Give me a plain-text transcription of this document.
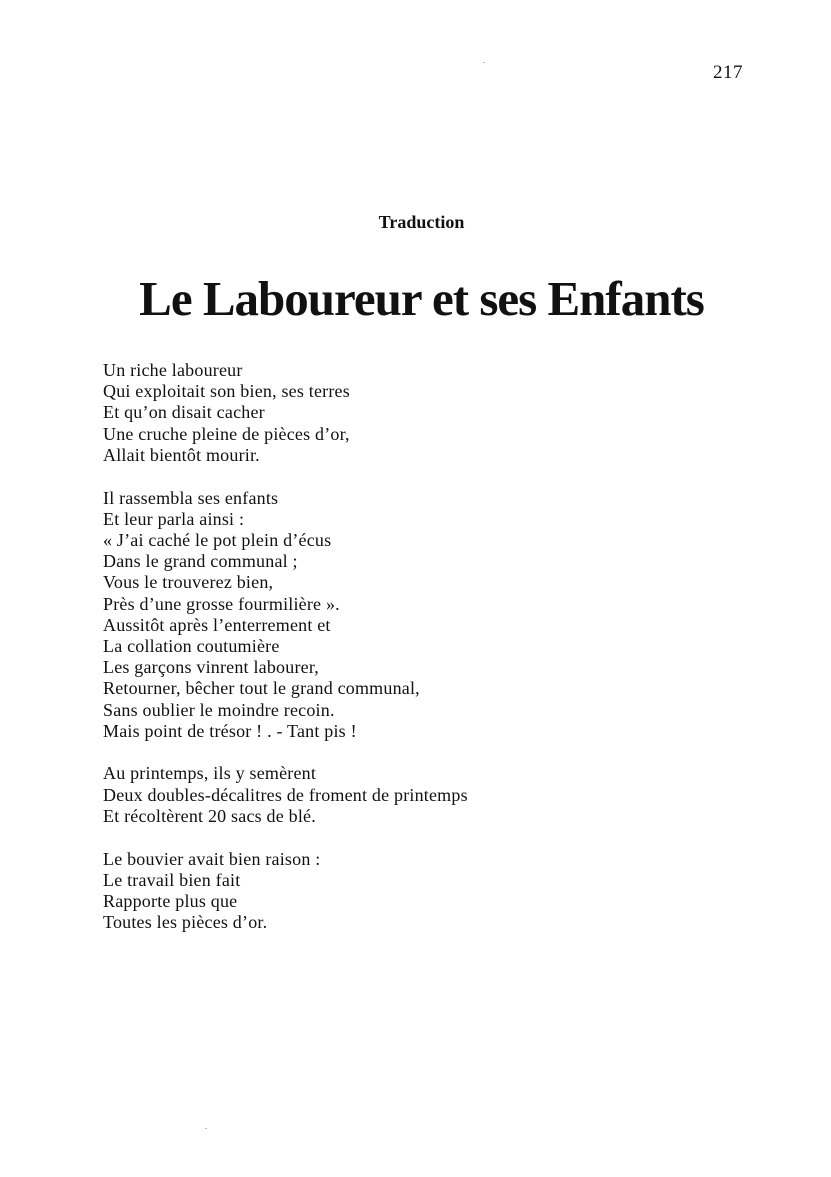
217
Traduction
Le Laboureur et ses Enfants
Un riche laboureur
Qui exploitait son bien, ses terres
Et qu’on disait cacher
Une cruche pleine de pièces d’or,
Allait bientôt mourir.
Il rassembla ses enfants
Et leur parla ainsi :
« J’ai caché le pot plein d’écus
Dans le grand communal ;
Vous le trouverez bien,
Près d’une grosse fourmilière ».
Aussitôt après l’enterrement et
La collation coutumière
Les garçons vinrent labourer,
Retourner, bêcher tout le grand communal,
Sans oublier le moindre recoin.
Mais point de trésor ! . - Tant pis !
Au printemps, ils y semèrent
Deux doubles-décalitres de froment de printemps
Et récoltèrent 20 sacs de blé.
Le bouvier avait bien raison :
Le travail bien fait
Rapporte plus que
Toutes les pièces d’or.
